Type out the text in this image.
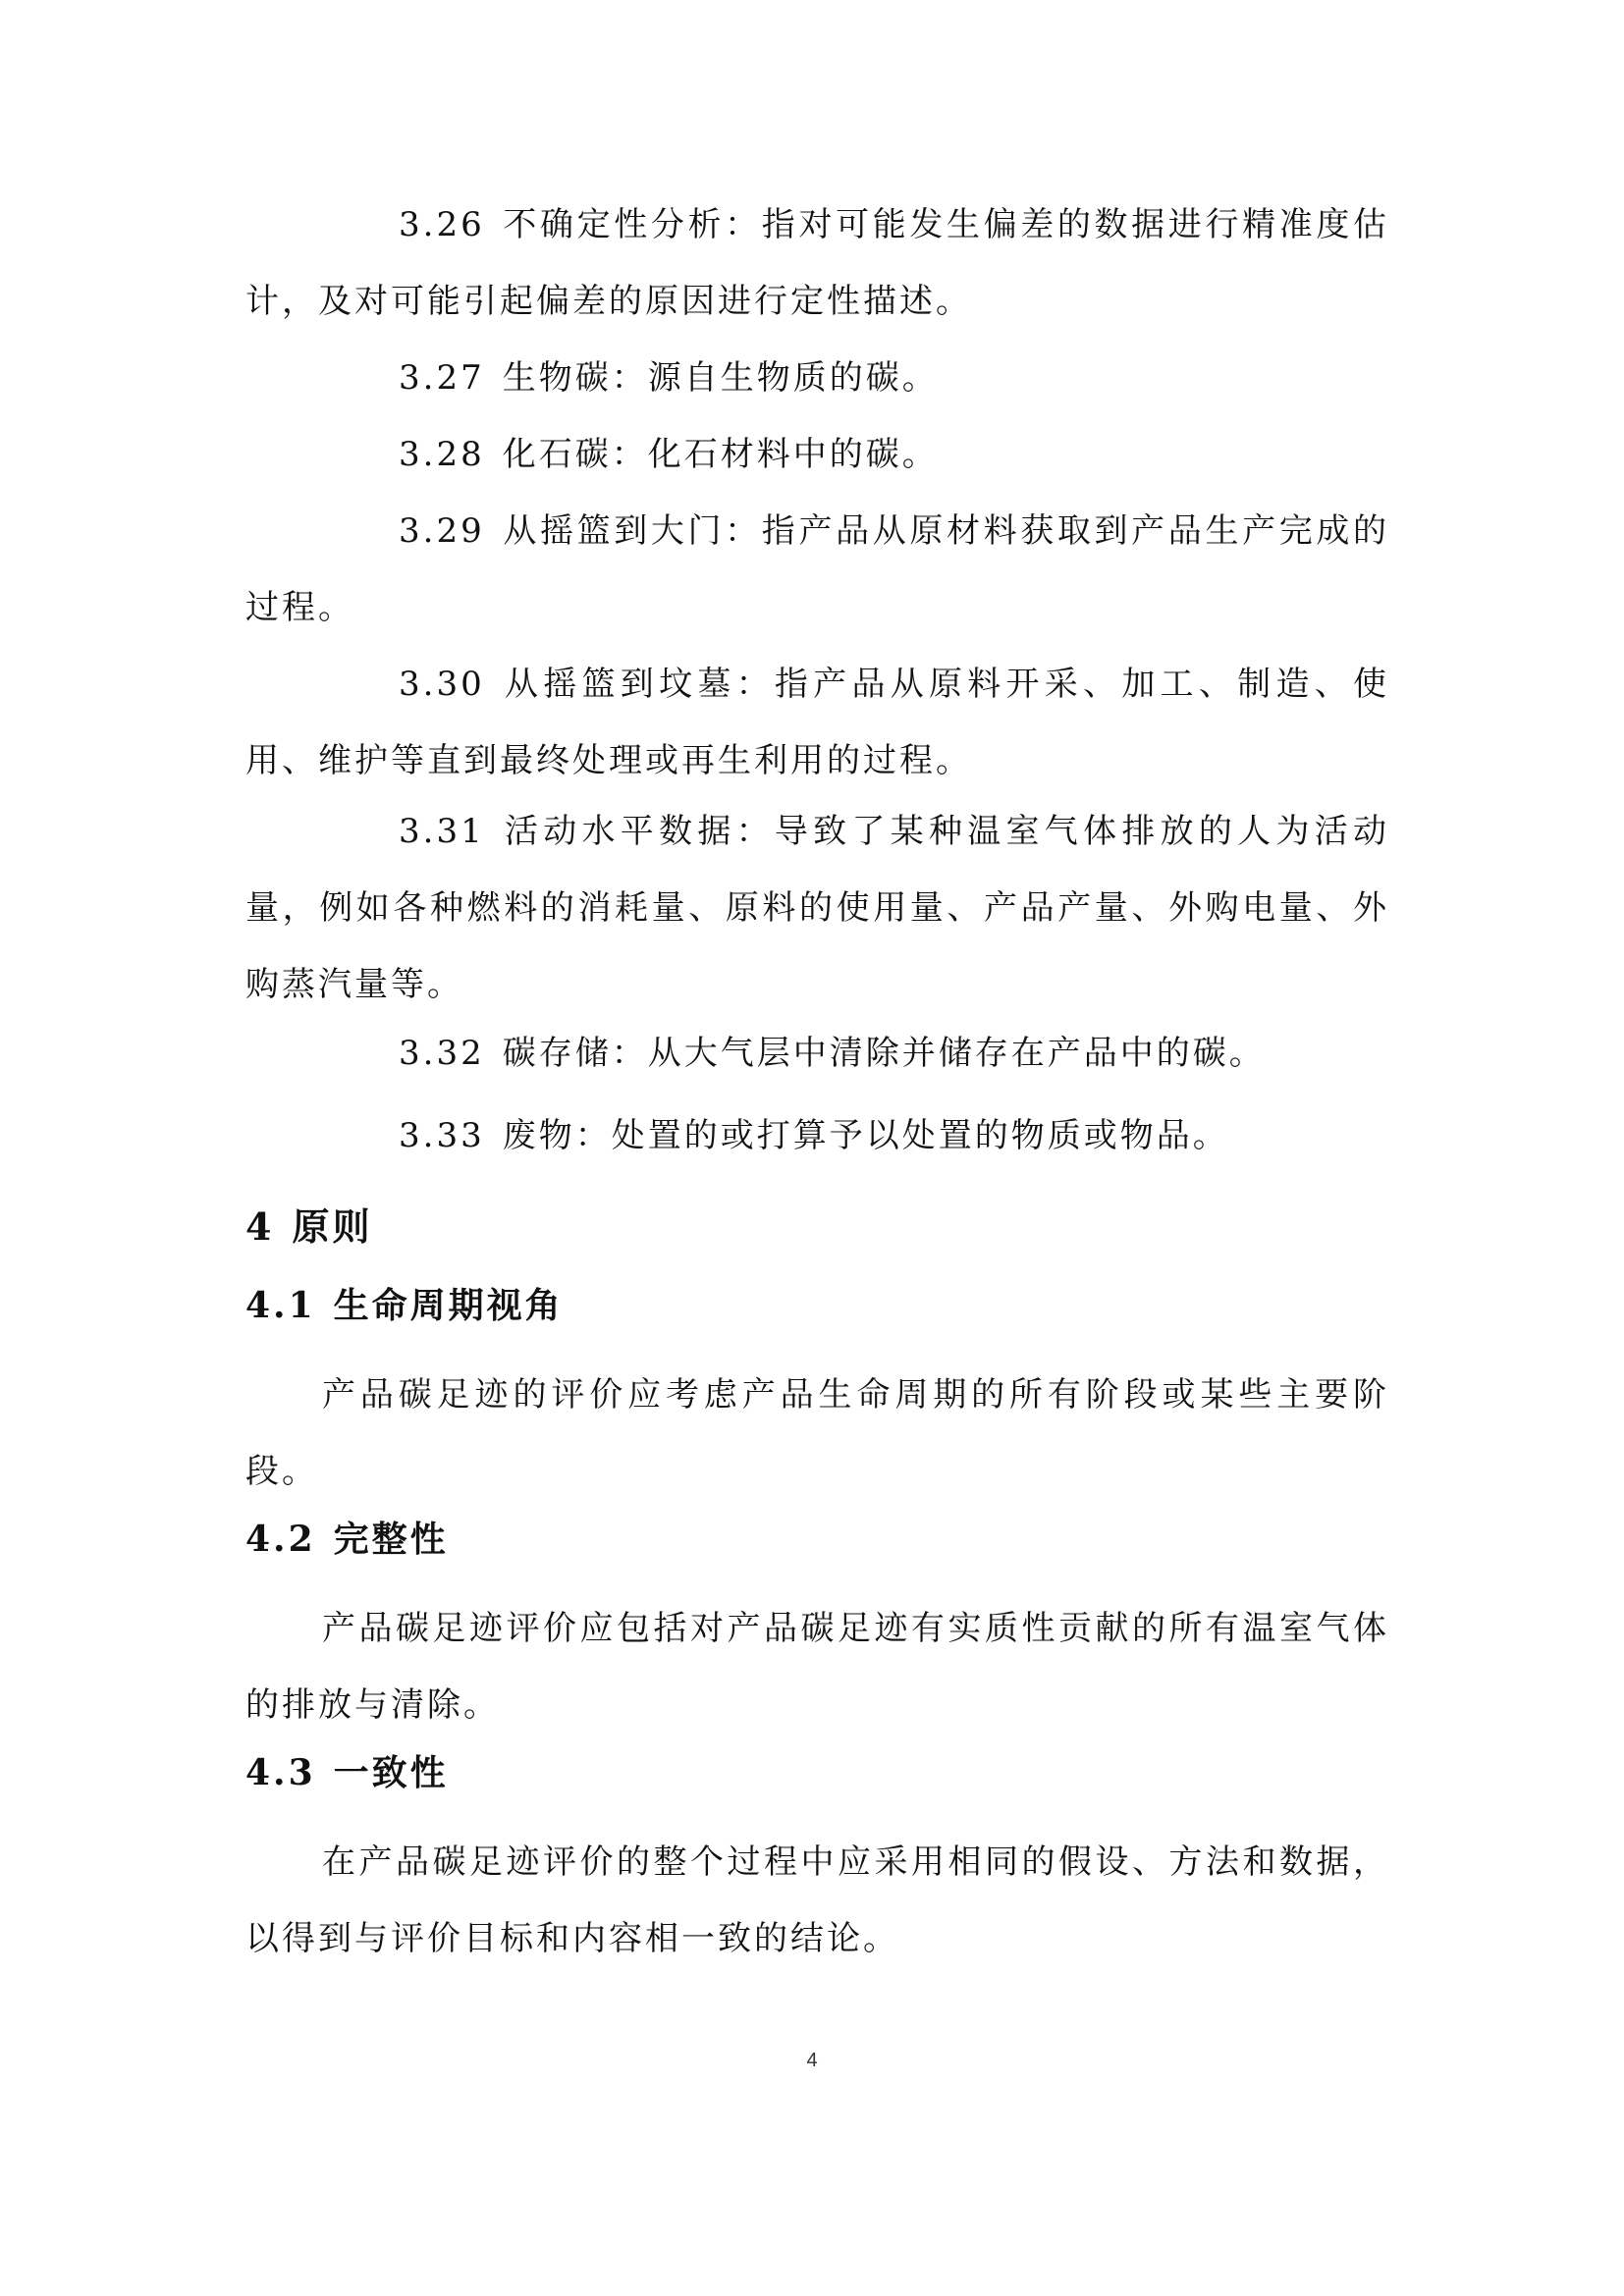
3.26 不确定性分析：指对可能发生偏差的数据进行精准度估计，及对可能引起偏差的原因进行定性描述。

3.27 生物碳：源自生物质的碳。

3.28 化石碳：化石材料中的碳。

3.29 从摇篮到大门：指产品从原材料获取到产品生产完成的过程。

3.30 从摇篮到坟墓：指产品从原料开采、加工、制造、使用、维护等直到最终处理或再生利用的过程。

3.31 活动水平数据：导致了某种温室气体排放的人为活动量，例如各种燃料的消耗量、原料的使用量、产品产量、外购电量、外购蒸汽量等。

3.32 碳存储：从大气层中清除并储存在产品中的碳。

3.33 废物：处置的或打算予以处置的物质或物品。

4 原则
4.1 生命周期视角

产品碳足迹的评价应考虑产品生命周期的所有阶段或某些主要阶段。

4.2 完整性

产品碳足迹评价应包括对产品碳足迹有实质性贡献的所有温室气体的排放与清除。

4.3 一致性

在产品碳足迹评价的整个过程中应采用相同的假设、方法和数据，以得到与评价目标和内容相一致的结论。

4
